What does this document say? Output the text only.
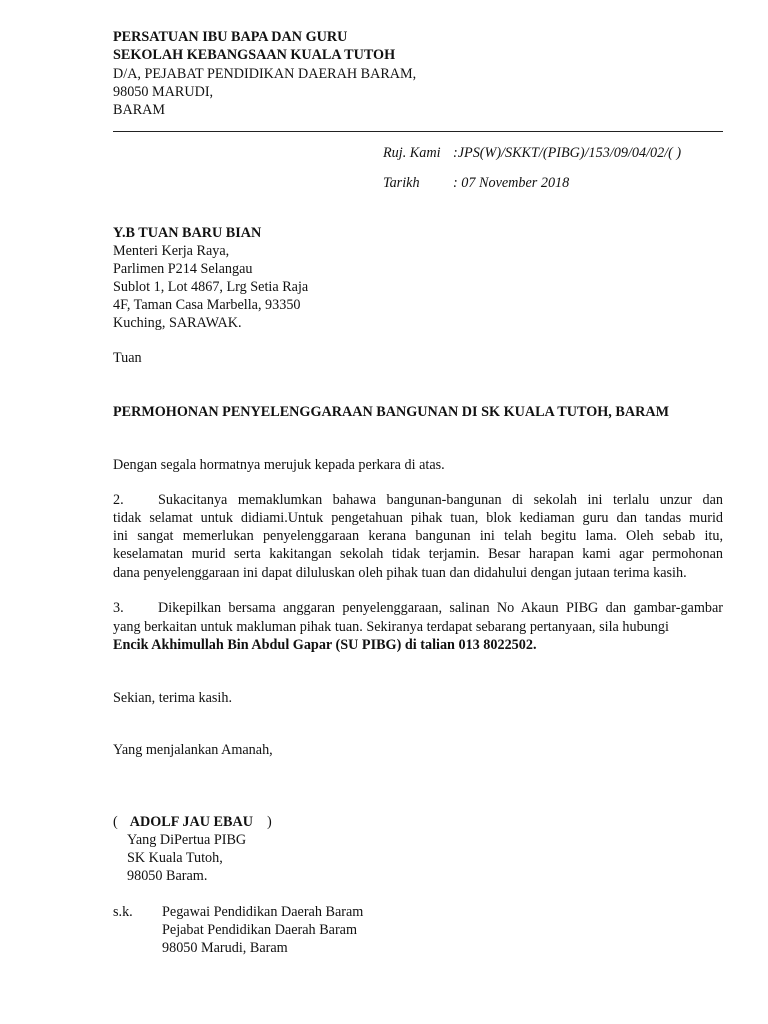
PERSATUAN IBU BAPA DAN GURU

SEKOLAH KEBANGSAAN KUALA TUTOH

D/A, PEJABAT PENDIDIKAN DAERAH BARAM,

98050 MARUDI,

BARAM

Ruj. Kami :JPS(W)/SKKT/(PIBG)/153/09/04/02/( )
Tarikh : 07 November 2018

Y.B TUAN BARU BIAN

Menteri Kerja Raya,

Parlimen P214 Selangau

Sublot 1, Lot 4867, Lrg Setia Raja

4F, Taman Casa Marbella, 93350

Kuching, SARAWAK.

Tuan

PERMOHONAN PENYELENGGARAAN BANGUNAN DI SK KUALA TUTOH, BARAM

Dengan segala hormatnya merujuk kepada perkara di atas.

2. Sukacitanya memaklumkan bahawa bangunan-bangunan di sekolah ini terlalu unzur dan

tidak selamat untuk didiami.Untuk pengetahuan pihak tuan, blok kediaman guru dan tandas murid

ini sangat memerlukan penyelenggaraan kerana bangunan ini telah begitu lama. Oleh sebab itu,

keselamatan murid serta kakitangan sekolah tidak terjamin. Besar harapan kami agar permohonan

dana penyelenggaraan ini dapat diluluskan oleh pihak tuan dan didahului dengan jutaan terima kasih.

3. Dikepilkan bersama anggaran penyelenggaraan, salinan No Akaun PIBG dan gambar-gambar

yang berkaitan untuk makluman pihak tuan. Sekiranya terdapat sebarang pertanyaan, sila hubungi

Encik Akhimullah Bin Abdul Gapar (SU PIBG) di talian 013 8022502.

Sekian, terima kasih.

Yang menjalankan Amanah,

( ADOLF JAU EBAU )

Yang DiPertua PIBG

SK Kuala Tutoh,

98050 Baram.

s.k. Pegawai Pendidikan Daerah Baram

Pejabat Pendidikan Daerah Baram

98050 Marudi, Baram
